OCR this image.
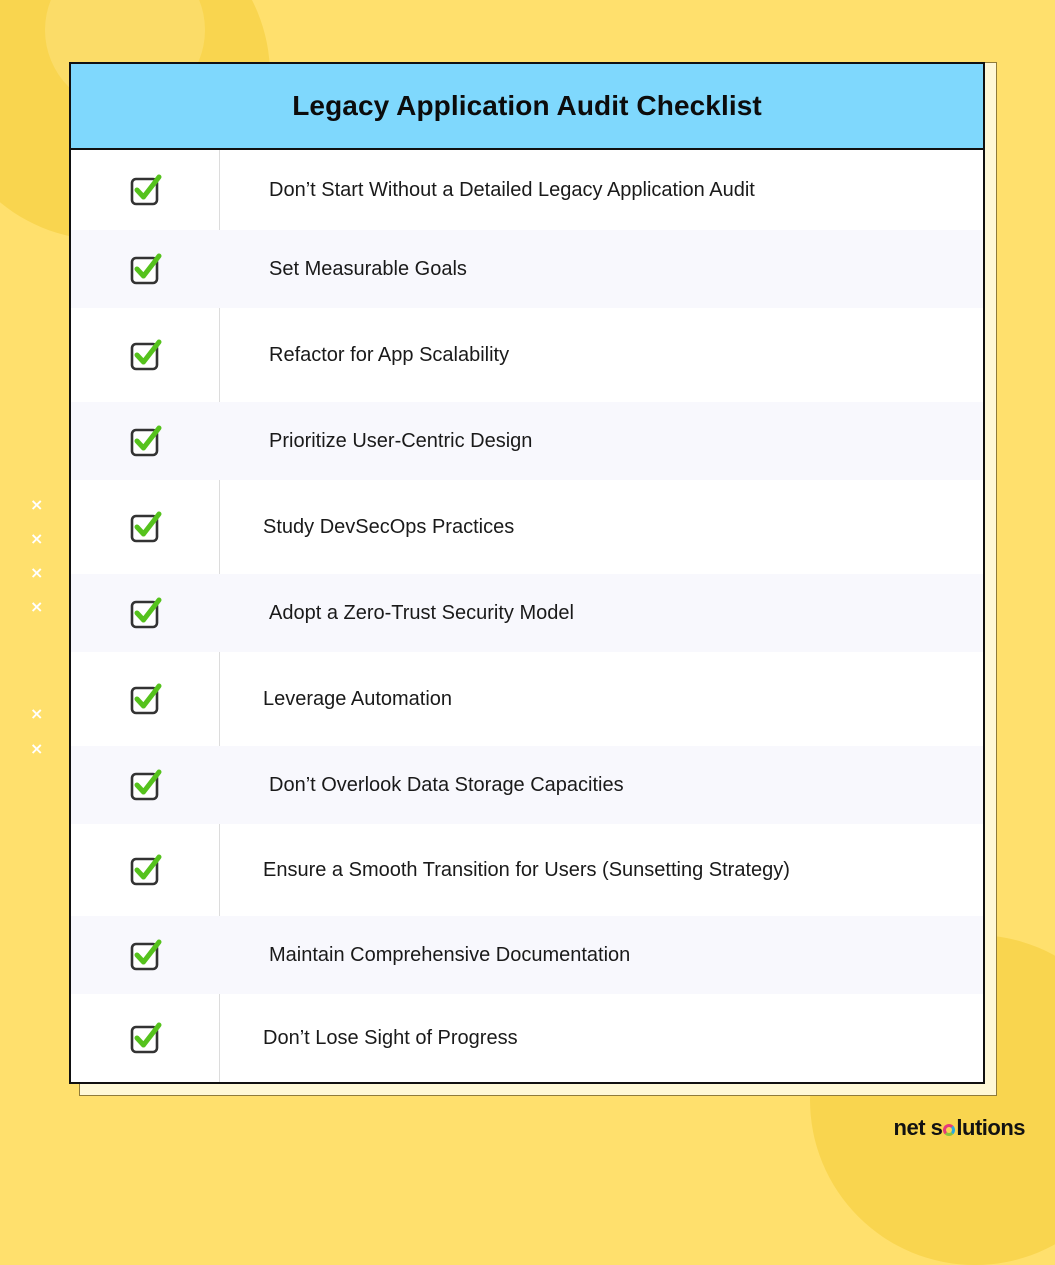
×
×
×
×
×
×
Legacy Application Audit Checklist
Don’t Start Without a Detailed Legacy Application Audit
Set Measurable Goals
Refactor for App Scalability
Prioritize User-Centric Design
Study DevSecOps Practices
Adopt a Zero-Trust Security Model
Leverage Automation
Don’t Overlook Data Storage Capacities
Ensure a Smooth Transition for Users (Sunsetting Strategy)
Maintain Comprehensive Documentation
Don’t Lose Sight of Progress
net s lutions
